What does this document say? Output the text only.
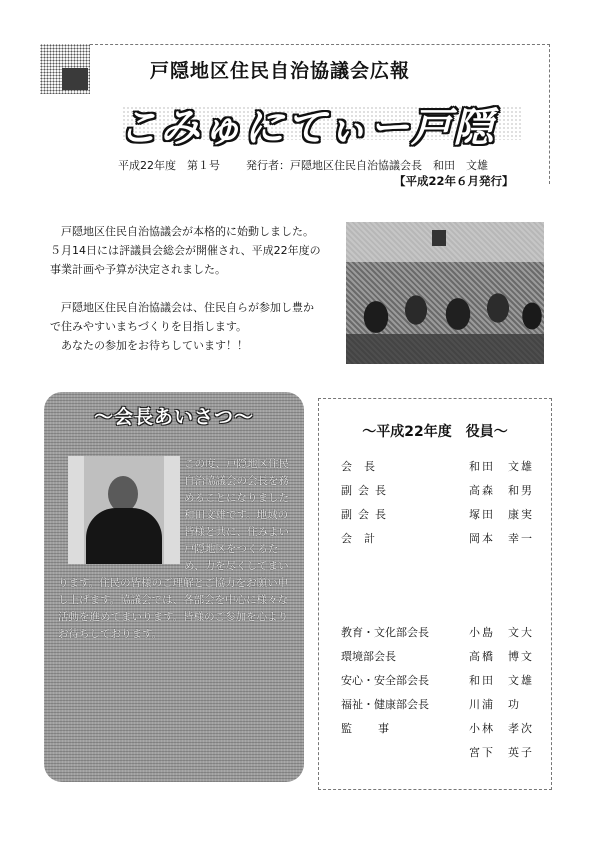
戸隠地区住民自治協議会広報
こみゅにてぃー戸隠
平成22年度　第１号 発行者：戸隠地区住民自治協議会長　和田　文雄
【平成22年６月発行】

　戸隠地区住民自治協議会が本格的に始動しました。

５月14日には評議員会総会が開催され、平成22年度の

事業計画や予算が決定されました。

　戸隠地区住民自治協議会は、住民自らが参加し豊か

で住みやすいまちづくりを目指します。

　あなたの参加をお待ちしています！！

～会長あいさつ～

この度、戸隠地区住民自治協議会の会長を務めることになりました和田文雄です。地域の皆様と共に、住みよい戸隠地区をつくるため、力を尽くしてまいります。住民の皆様のご理解とご協力をお願い申し上げます。協議会では、各部会を中心に様々な活動を進めてまいります。皆様のご参加を心よりお待ちしております。

～平成22年度　役員～
会長	和田　文雄
副会長	高森　和男
副会長	塚田　康実
会計	岡本　幸一
教育・文化部会長	小島　文大
環境部会長	高橋　博文
安心・安全部会長	和田　文雄
福祉・健康部会長	川浦　功
監事	小林　孝次
宮下　英子
